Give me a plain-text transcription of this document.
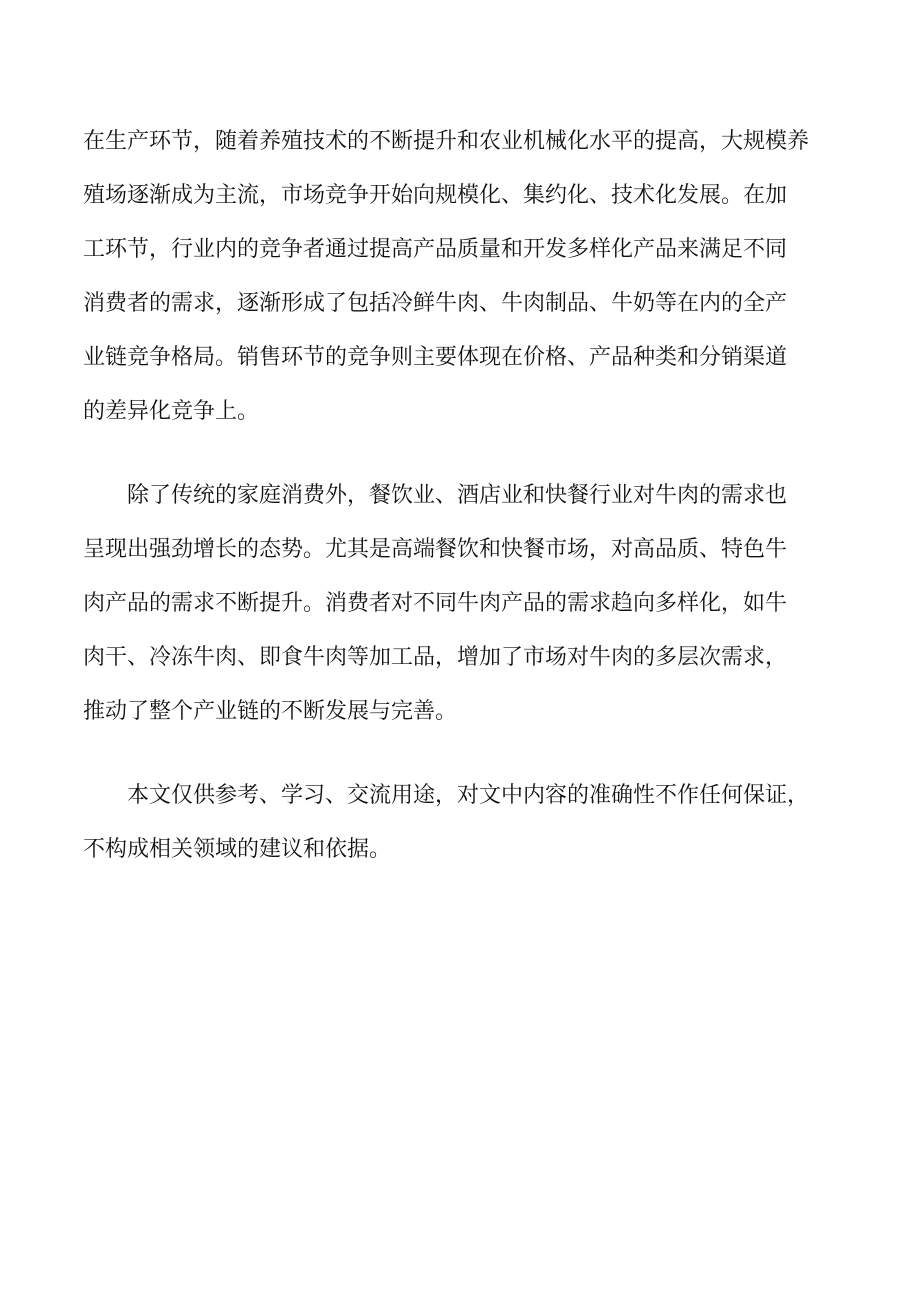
在生产环节，随着养殖技术的不断提升和农业机械化水平的提高，大规模养
殖场逐渐成为主流，市场竞争开始向规模化、集约化、技术化发展。在加
工环节，行业内的竞争者通过提高产品质量和开发多样化产品来满足不同
消费者的需求，逐渐形成了包括冷鲜牛肉、牛肉制品、牛奶等在内的全产
业链竞争格局。销售环节的竞争则主要体现在价格、产品种类和分销渠道
的差异化竞争上。
　　除了传统的家庭消费外，餐饮业、酒店业和快餐行业对牛肉的需求也
呈现出强劲增长的态势。尤其是高端餐饮和快餐市场，对高品质、特色牛
肉产品的需求不断提升。消费者对不同牛肉产品的需求趋向多样化，如牛
肉干、冷冻牛肉、即食牛肉等加工品，增加了市场对牛肉的多层次需求，
推动了整个产业链的不断发展与完善。
　　本文仅供参考、学习、交流用途，对文中内容的准确性不作任何保证，
不构成相关领域的建议和依据。
